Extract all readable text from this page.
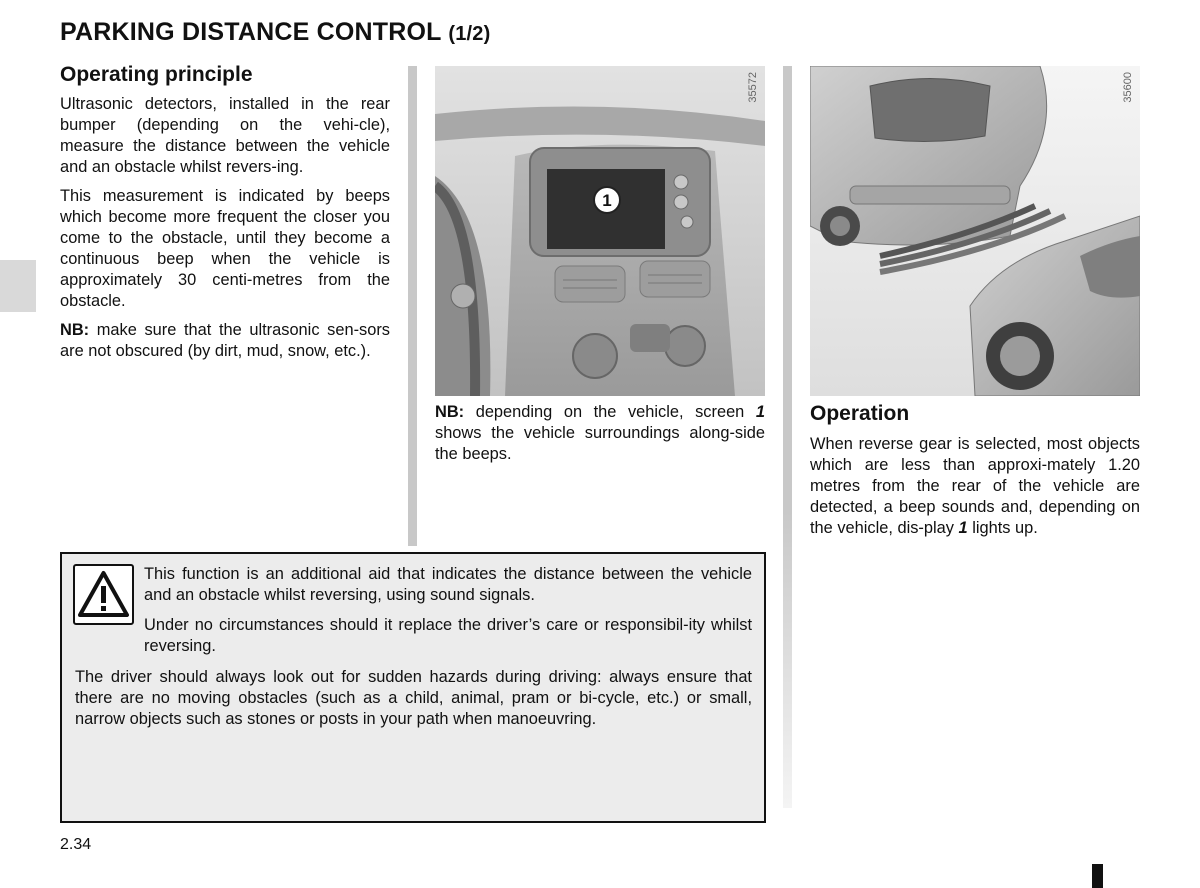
PARKING DISTANCE CONTROL (1/2)
Operating principle

Ultrasonic detectors, installed in the rear bumper (depending on the vehi-cle), measure the distance between the vehicle and an obstacle whilst revers-ing.

This measurement is indicated by beeps which become more frequent the closer you come to the obstacle, until they become a continuous beep when the vehicle is approximately 30 centi-metres from the obstacle.

NB: make sure that the ultrasonic sen-sors are not obscured (by dirt, mud, snow, etc.).

1
35572	35600

NB: depending on the vehicle, screen 1 shows the vehicle surroundings along-side the beeps.

Operation

When reverse gear is selected, most objects which are less than approxi-mately 1.20 metres from the rear of the vehicle are detected, a beep sounds and, depending on the vehicle, dis-play 1 lights up.

This function is an additional aid that indicates the distance between the vehicle and an obstacle whilst reversing, using sound signals.

Under no circumstances should it replace the driver’s care or responsibil-ity whilst reversing.

The driver should always look out for sudden hazards during driving: always ensure that there are no moving obstacles (such as a child, animal, pram or bi-cycle, etc.) or small, narrow objects such as stones or posts in your path when manoeuvring.

2.34
